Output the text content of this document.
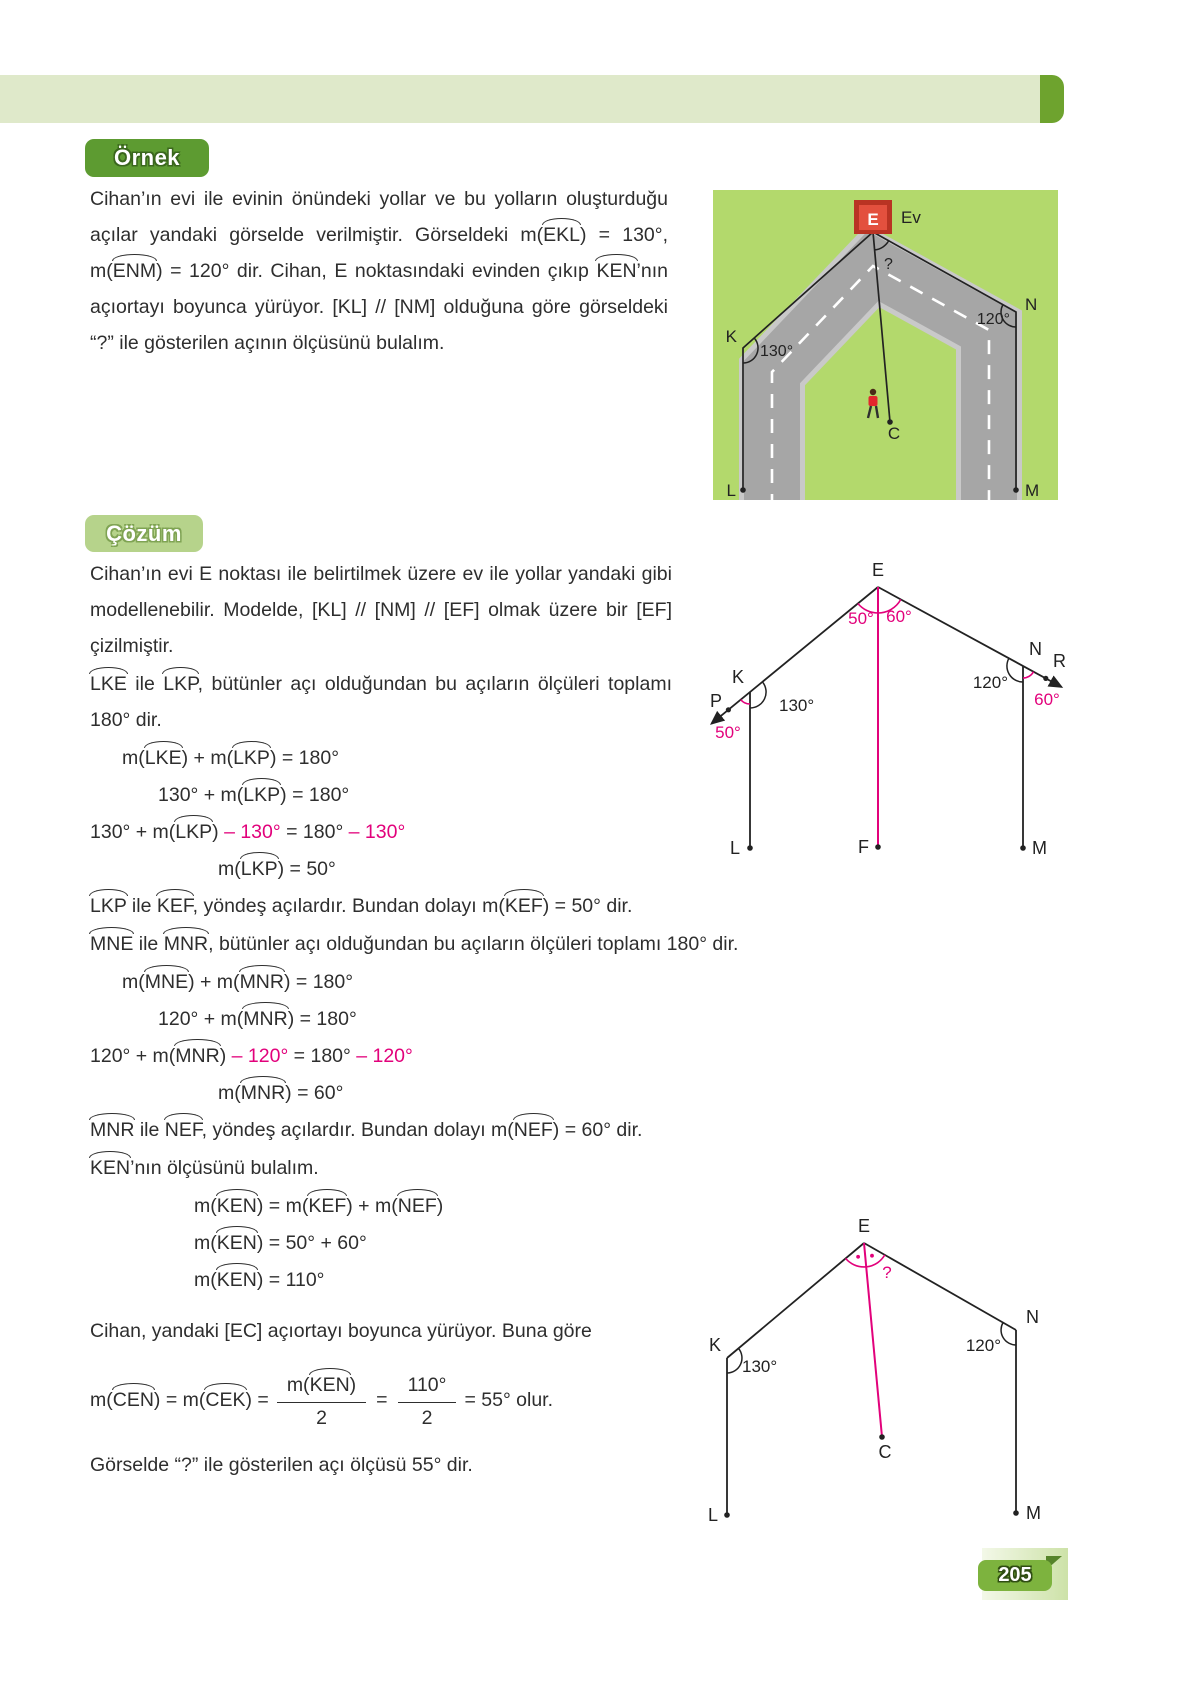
Örnek
Cihan’ın evi ile evinin önündeki yollar ve bu yolların oluşturduğu açılar yandaki görselde verilmiştir. Görseldeki m(EKL) = 130°, m(ENM) = 120° dir. Cihan, E noktasındaki evinden çıkıp KEN’nın açıortayı boyunca yürüyor. [KL] // [NM] olduğuna göre görseldeki “?” ile gösterilen açının ölçüsünü bulalım.
E Ev
?
K
130°
N
120°
L	M
C
Çözüm
Cihan’ın evi E noktası ile belirtilmek üzere ev ile yollar yandaki gibi modellenebilir. Modelde, [KL] // [NM] // [EF] olmak üzere bir [EF] çizilmiştir.
LKE ile LKP, bütünler açı olduğundan bu açıların ölçüleri toplamı 180° dir.
m(LKE) + m(LKP) = 180°
130° + m(LKP) = 180°
130° + m(LKP) – 130° = 180° – 130°
m(LKP) = 50°
LKP ile KEF, yöndeş açılardır. Bundan dolayı m(KEF) = 50° dir.
MNE ile MNR, bütünler açı olduğundan bu açıların ölçüleri toplamı 180° dir.
m(MNE) + m(MNR) = 180°
120° + m(MNR) = 180°
120° + m(MNR) – 120° = 180° – 120°
m(MNR) = 60°
MNR ile NEF, yöndeş açılardır. Bundan dolayı m(NEF) = 60° dir.
KEN’nın ölçüsünü bulalım.
m(KEN) = m(KEF) + m(NEF)
m(KEN) = 50° + 60°
m(KEN) = 110°
Cihan, yandaki [EC] açıortayı boyunca yürüyor. Buna göre
$m(CEN) = m(CEK) = \frac{\text{m(KEN)}}{2} = \frac{110^\circ}{2} = 55^\circ$ olur.
Görselde “?” ile gösterilen açı ölçüsü 55° dir.
E
K
P	130°
50°
50° 60°
N
R
120°
60°
L	F	M
E
K
130°
N
120°
?
C
L	M
205
